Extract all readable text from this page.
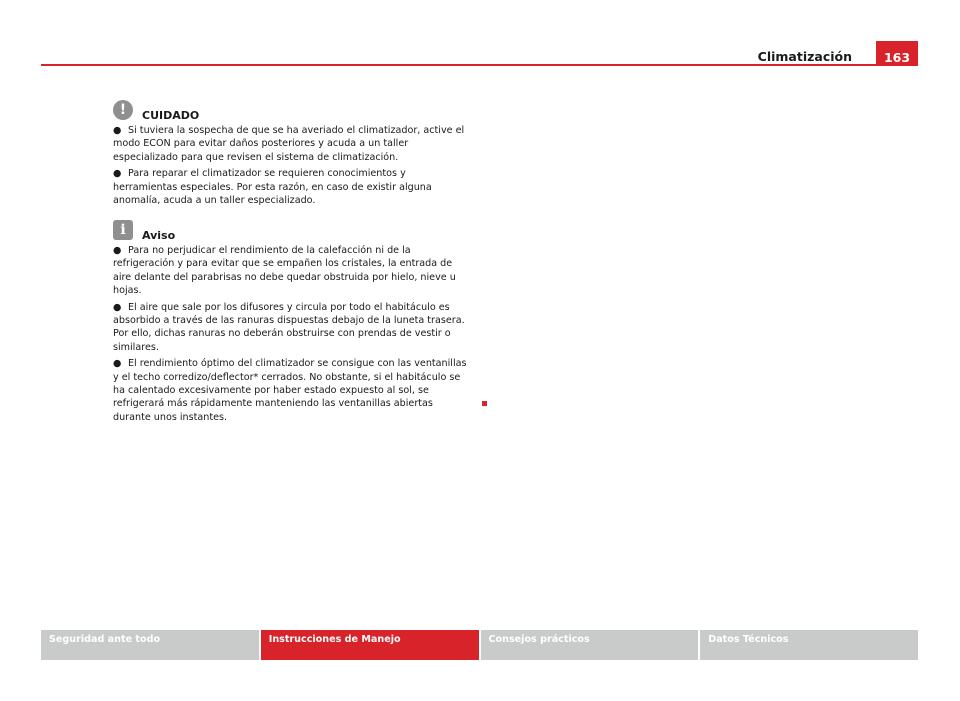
Climatización	163
!	CUIDADO

● Si tuviera la sospecha de que se ha averiado el climatizador, active el modo ECON para evitar daños posteriores y acuda a un taller especializado para que revisen el sistema de climatización.

● Para reparar el climatizador se requieren conocimientos y herramientas especiales. Por esta razón, en caso de existir alguna anomalía, acuda a un taller especializado.

i	Aviso

● Para no perjudicar el rendimiento de la calefacción ni de la refrigeración y para evitar que se empañen los cristales, la entrada de aire delante del parabrisas no debe quedar obstruida por hielo, nieve u hojas.

● El aire que sale por los difusores y circula por todo el habitáculo es absorbido a través de las ranuras dispuestas debajo de la luneta trasera. Por ello, dichas ranuras no deberán obstruirse con prendas de vestir o similares.

● El rendimiento óptimo del climatizador se consigue con las ventanillas y el techo corredizo/deflector* cerrados. No obstante, si el habitáculo se ha calentado excesivamente por haber estado expuesto al sol, se refrigerará más rápidamente manteniendo las ventanillas abiertas durante unos instantes.

Seguridad ante todo	Instrucciones de Manejo	Consejos prácticos	Datos Técnicos
